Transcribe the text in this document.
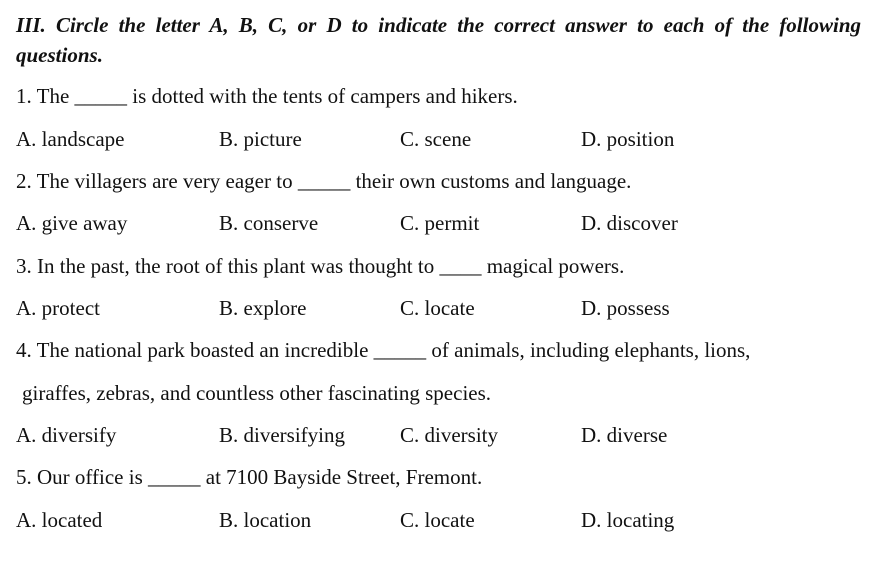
III. Circle the letter A, B, C, or D to indicate the correct answer to each of the following questions.
1. The _____ is dotted with the tents of campers and hikers.
A. landscape	B. picture	C. scene	D. position
2. The villagers are very eager to _____ their own customs and language.
A. give away	B. conserve	C. permit	D. discover
3. In the past, the root of this plant was thought to ____ magical powers.
A. protect	B. explore	C. locate	D. possess
4. The national park boasted an incredible _____ of animals, including elephants, lions,
giraffes, zebras, and countless other fascinating species.
A. diversify	B. diversifying	C. diversity	D. diverse
5. Our office is _____ at 7100 Bayside Street, Fremont.
A. located	B. location	C. locate	D. locating
